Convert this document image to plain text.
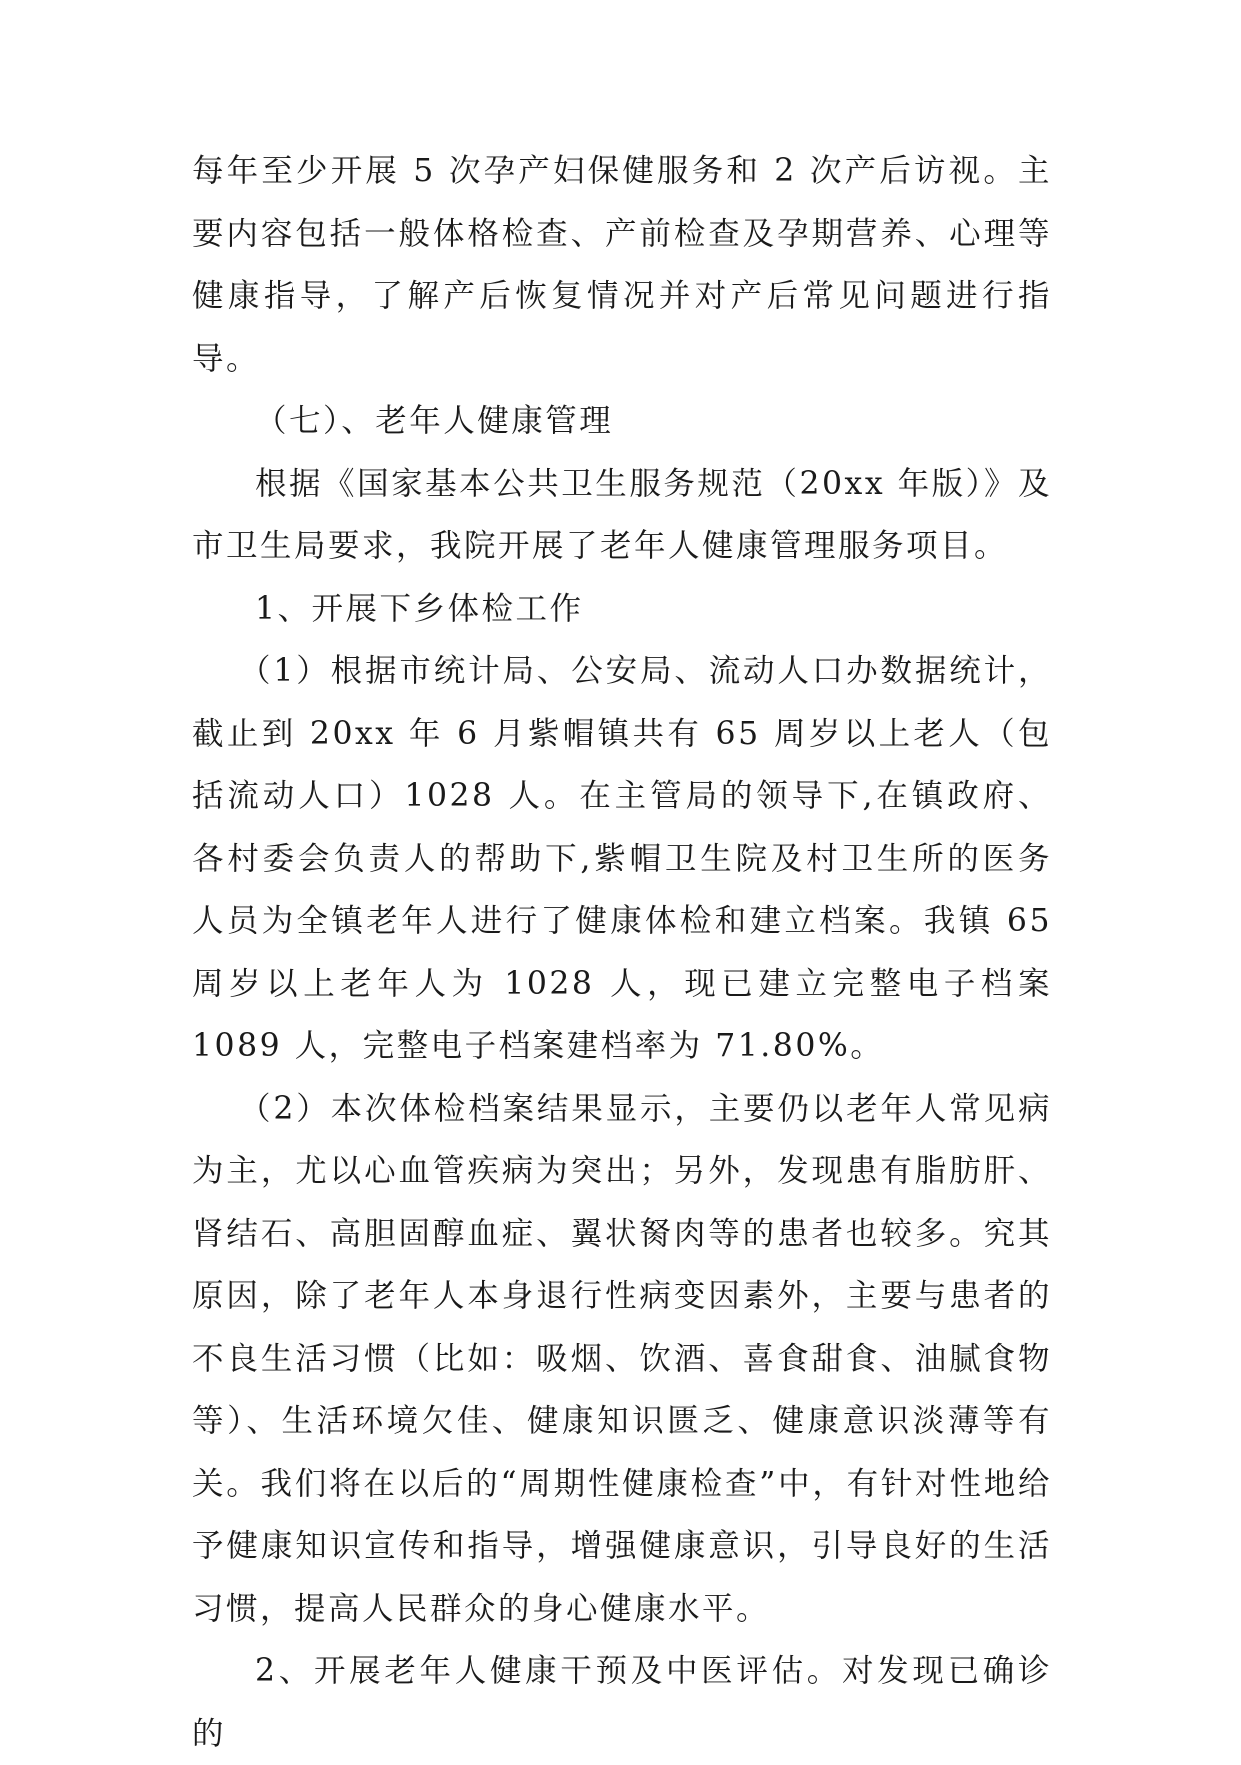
每年至少开展 5 次孕产妇保健服务和 2 次产后访视。主要内容包括一般体格检查、产前检查及孕期营养、心理等健康指导，了解产后恢复情况并对产后常见问题进行指导。

（七）、老年人健康管理

根据《国家基本公共卫生服务规范（20xx 年版）》及市卫生局要求，我院开展了老年人健康管理服务项目。

1、开展下乡体检工作

（1）根据市统计局、公安局、流动人口办数据统计，截止到 20xx 年 6 月紫帽镇共有 65 周岁以上老人（包括流动人口）1028 人。在主管局的领导下,在镇政府、各村委会负责人的帮助下,紫帽卫生院及村卫生所的医务人员为全镇老年人进行了健康体检和建立档案。我镇 65 周岁以上老年人为 1028 人，现已建立完整电子档案 1089 人，完整电子档案建档率为 71.80%。

（2）本次体检档案结果显示，主要仍以老年人常见病为主，尤以心血管疾病为突出；另外，发现患有脂肪肝、肾结石、高胆固醇血症、翼状胬肉等的患者也较多。究其原因，除了老年人本身退行性病变因素外，主要与患者的不良生活习惯（比如：吸烟、饮酒、喜食甜食、油腻食物等）、生活环境欠佳、健康知识匮乏、健康意识淡薄等有关。我们将在以后的“周期性健康检查”中，有针对性地给予健康知识宣传和指导，增强健康意识，引导良好的生活习惯，提高人民群众的身心健康水平。

2、开展老年人健康干预及中医评估。对发现已确诊的
